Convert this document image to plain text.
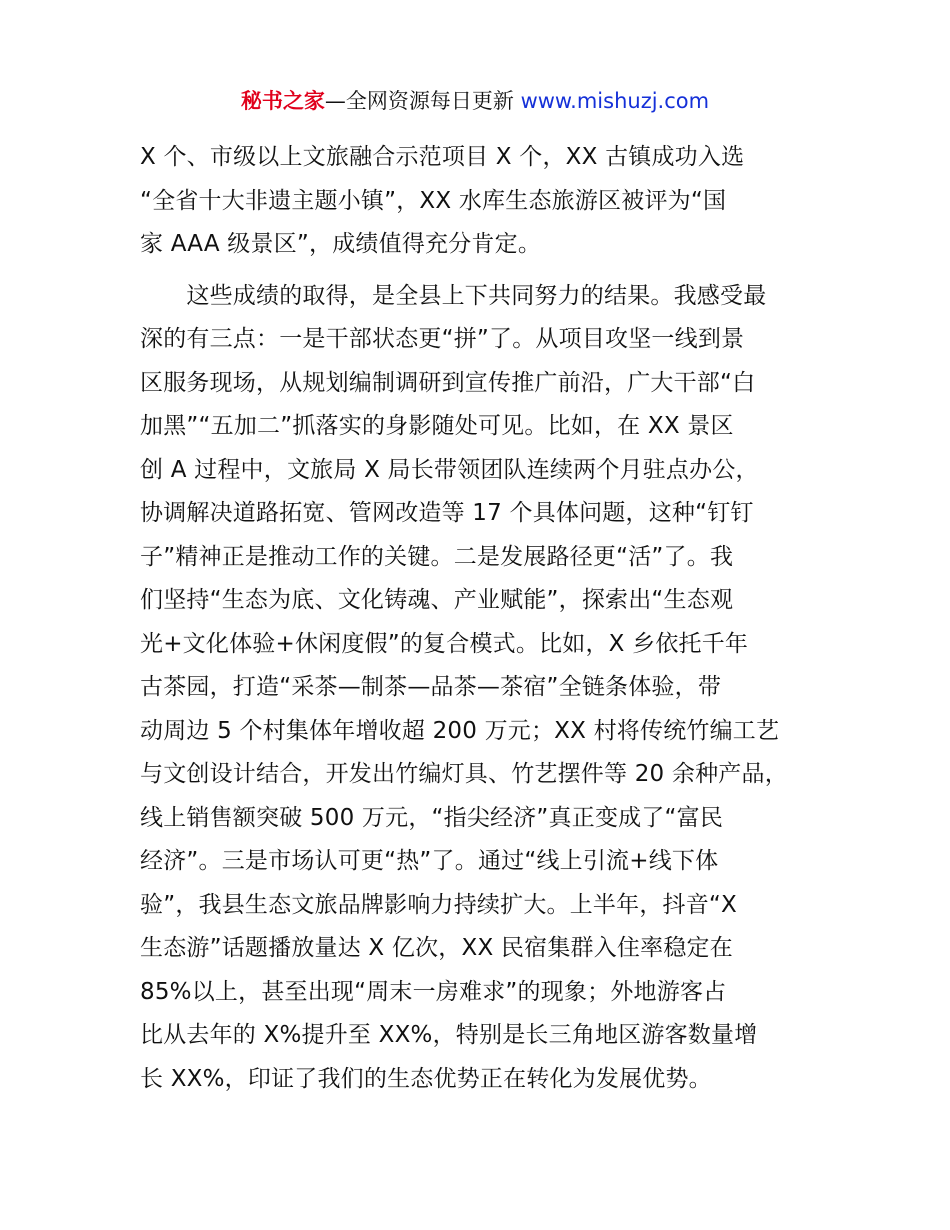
秘书之家—全网资源每日更新 www.mishuzj.com
X 个、市级以上文旅融合示范项目 X 个，XX 古镇成功入选
“全省十大非遗主题小镇”，XX 水库生态旅游区被评为“国
家 AAA 级景区”，成绩值得充分肯定。
　　这些成绩的取得，是全县上下共同努力的结果。我感受最
深的有三点：一是干部状态更“拼”了。从项目攻坚一线到景
区服务现场，从规划编制调研到宣传推广前沿，广大干部“白
加黑”“五加二”抓落实的身影随处可见。比如，在 XX 景区
创 A 过程中，文旅局 X 局长带领团队连续两个月驻点办公，
协调解决道路拓宽、管网改造等 17 个具体问题，这种“钉钉
子”精神正是推动工作的关键。二是发展路径更“活”了。我
们坚持“生态为底、文化铸魂、产业赋能”，探索出“生态观
光+文化体验+休闲度假”的复合模式。比如，X 乡依托千年
古茶园，打造“采茶—制茶—品茶—茶宿”全链条体验，带
动周边 5 个村集体年增收超 200 万元；XX 村将传统竹编工艺
与文创设计结合，开发出竹编灯具、竹艺摆件等 20 余种产品，
线上销售额突破 500 万元，“指尖经济”真正变成了“富民
经济”。三是市场认可更“热”了。通过“线上引流+线下体
验”，我县生态文旅品牌影响力持续扩大。上半年，抖音“X
生态游”话题播放量达 X 亿次，XX 民宿集群入住率稳定在
85%以上，甚至出现“周末一房难求”的现象；外地游客占
比从去年的 X%提升至 XX%，特别是长三角地区游客数量增
长 XX%，印证了我们的生态优势正在转化为发展优势。
